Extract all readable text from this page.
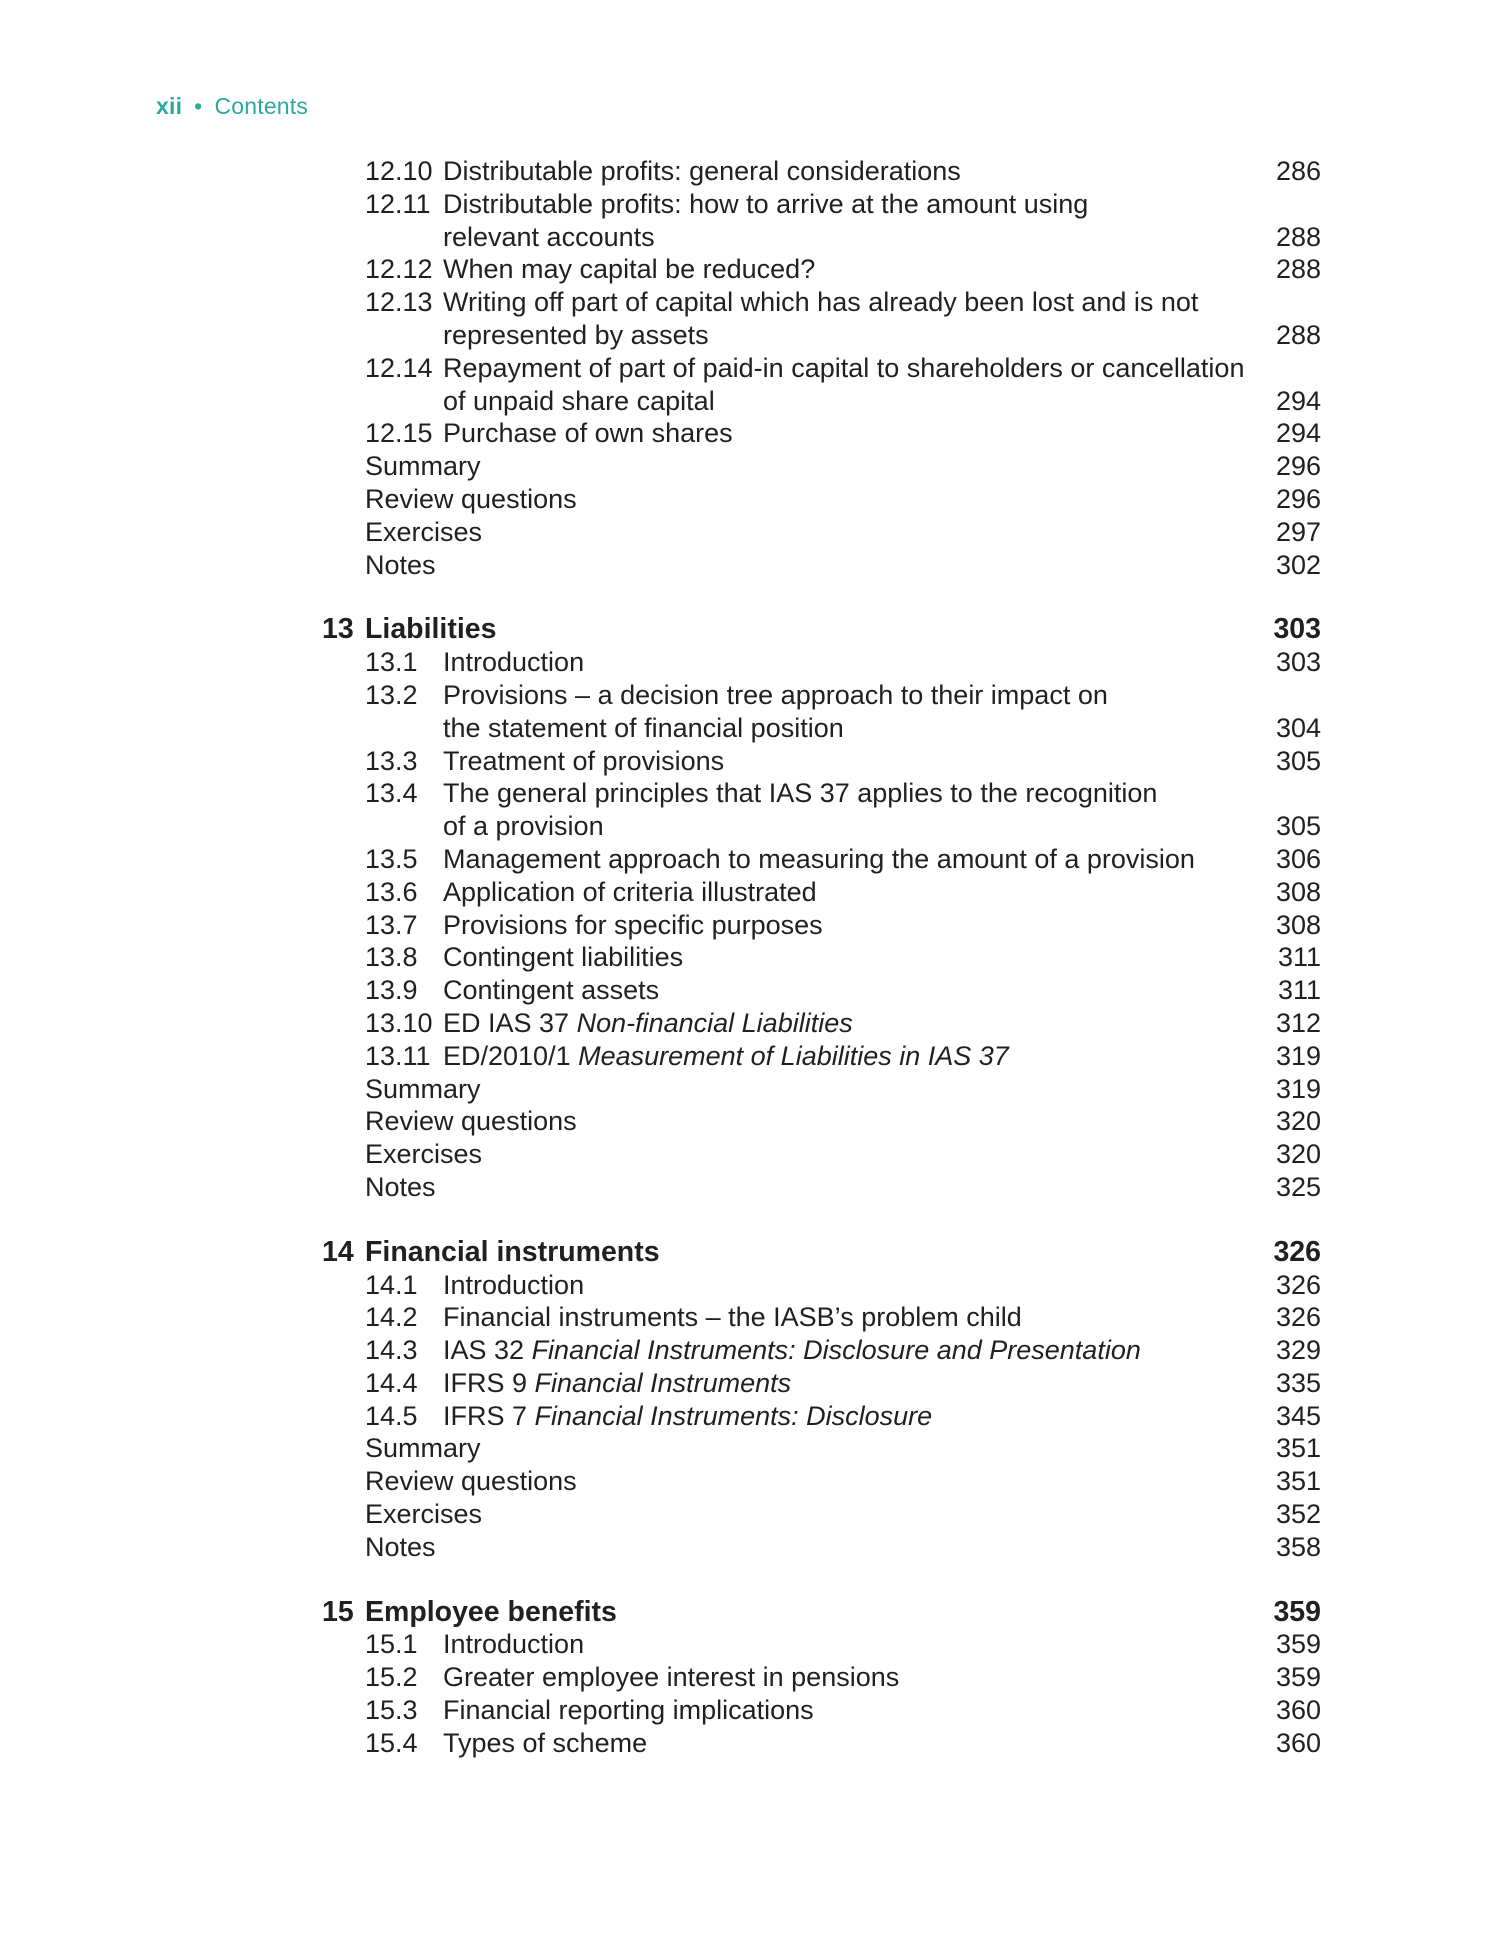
xii • Contents
12.10 Distributable profits: general considerations	286
12.11 Distributable profits: how to arrive at the amount using
relevant accounts	288
12.12 When may capital be reduced?	288
12.13 Writing off part of capital which has already been lost and is not
represented by assets	288
12.14 Repayment of part of paid-in capital to shareholders or cancellation
of unpaid share capital	294
12.15 Purchase of own shares	294
Summary	296
Review questions	296
Exercises	297
Notes	302
13 Liabilities	303
13.1 Introduction	303
13.2 Provisions – a decision tree approach to their impact on
the statement of financial position	304
13.3 Treatment of provisions	305
13.4 The general principles that IAS 37 applies to the recognition
of a provision	305
13.5 Management approach to measuring the amount of a provision	306
13.6 Application of criteria illustrated	308
13.7 Provisions for specific purposes	308
13.8 Contingent liabilities	311
13.9 Contingent assets	311
13.10 ED IAS 37 Non-financial Liabilities	312
13.11 ED/2010/1 Measurement of Liabilities in IAS 37	319
Summary	319
Review questions	320
Exercises	320
Notes	325
14 Financial instruments	326
14.1 Introduction	326
14.2 Financial instruments – the IASB’s problem child	326
14.3 IAS 32 Financial Instruments: Disclosure and Presentation	329
14.4 IFRS 9 Financial Instruments	335
14.5 IFRS 7 Financial Instruments: Disclosure	345
Summary	351
Review questions	351
Exercises	352
Notes	358
15 Employee benefits	359
15.1 Introduction	359
15.2 Greater employee interest in pensions	359
15.3 Financial reporting implications	360
15.4 Types of scheme	360
